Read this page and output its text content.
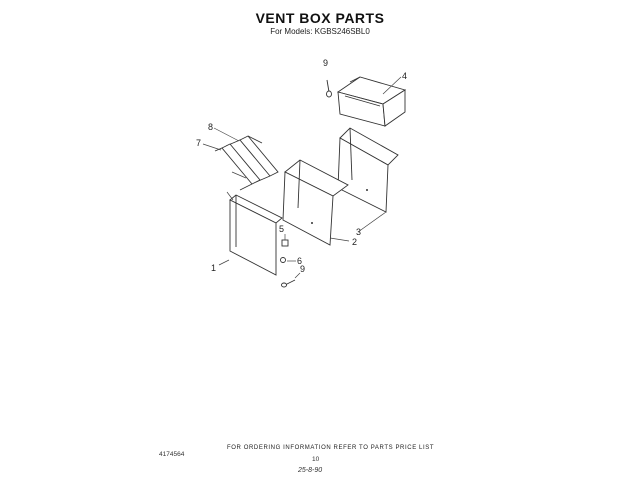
VENT BOX PARTS
For Models: KGBS246SBL0
8
7
1
2
3
4
9
5
6
9
FOR ORDERING INFORMATION REFER TO PARTS PRICE LIST
4174564
10
25-8-90
